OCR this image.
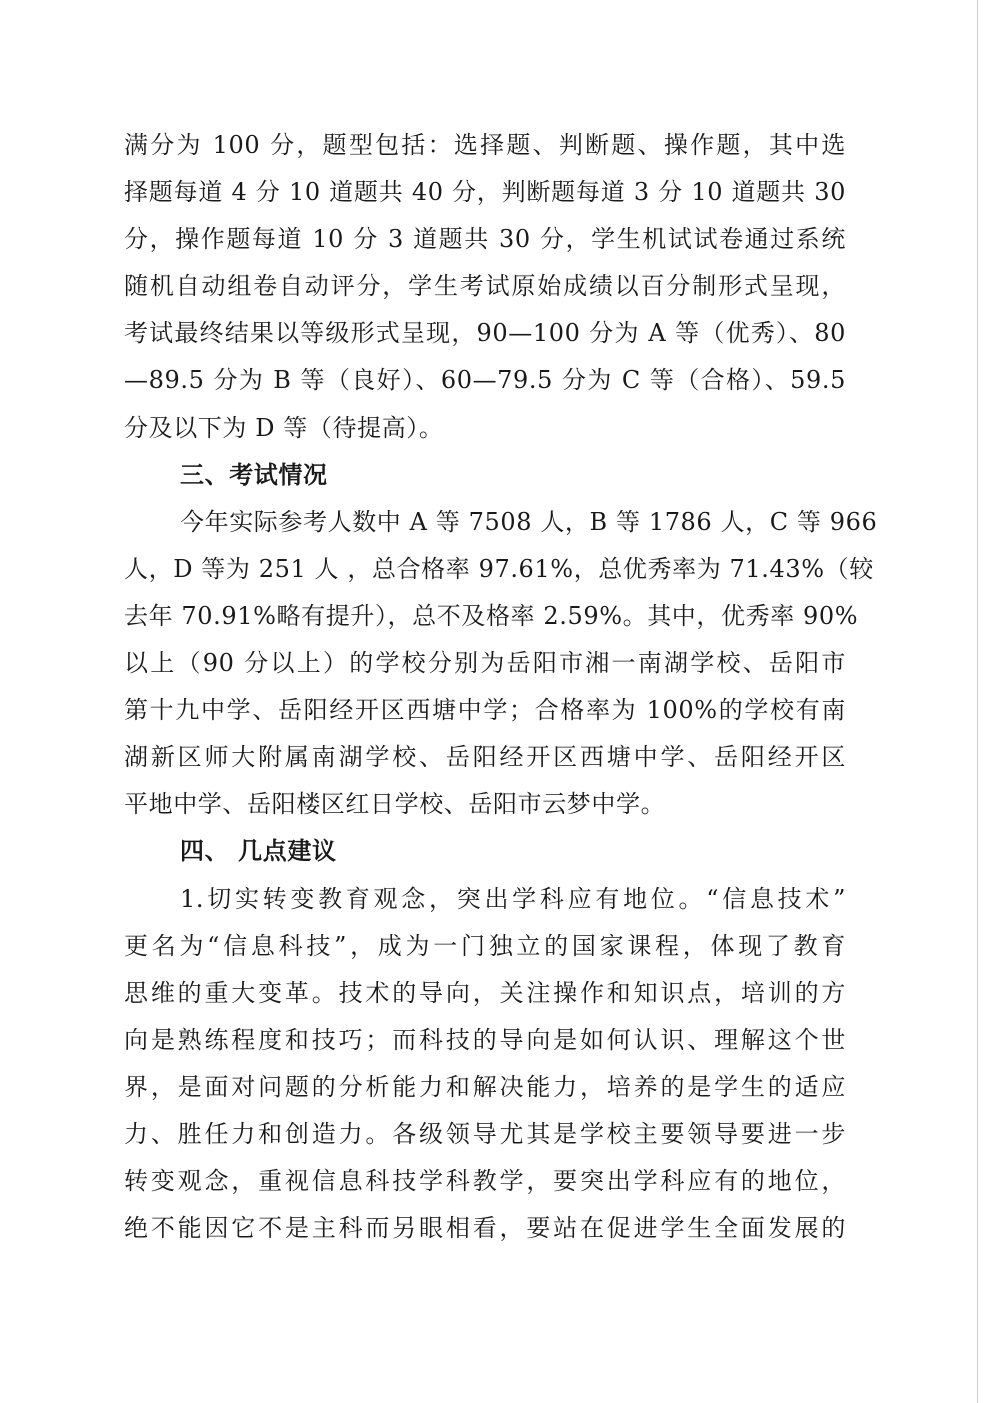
满分为 100 分，题型包括：选择题、判断题、操作题，其中选
择题每道 4 分 10 道题共 40 分，判断题每道 3 分 10 道题共 30
分，操作题每道 10 分 3 道题共 30 分，学生机试试卷通过系统
随机自动组卷自动评分，学生考试原始成绩以百分制形式呈现，
考试最终结果以等级形式呈现，90—100 分为 A 等（优秀）、80
—89.5 分为 B 等（良好）、60—79.5 分为 C 等（合格）、59.5
分及以下为 D 等（待提高）。
三、考试情况
今年实际参考人数中 A 等 7508 人，B 等 1786 人，C 等 966
人，D 等为 251 人 ，总合格率 97.61%，总优秀率为 71.43%（较
去年 70.91%略有提升），总不及格率 2.59%。其中，优秀率 90%
以上（90 分以上）的学校分别为岳阳市湘一南湖学校、岳阳市
第十九中学、岳阳经开区西塘中学；合格率为 100%的学校有南
湖新区师大附属南湖学校、岳阳经开区西塘中学、岳阳经开区
平地中学、岳阳楼区红日学校、岳阳市云梦中学。
四、 几点建议
1.切实转变教育观念，突出学科应有地位。“信息技术”
更名为“信息科技”，成为一门独立的国家课程，体现了教育
思维的重大变革。技术的导向，关注操作和知识点，培训的方
向是熟练程度和技巧；而科技的导向是如何认识、理解这个世
界，是面对问题的分析能力和解决能力，培养的是学生的适应
力、胜任力和创造力。各级领导尤其是学校主要领导要进一步
转变观念，重视信息科技学科教学，要突出学科应有的地位，
绝不能因它不是主科而另眼相看，要站在促进学生全面发展的
